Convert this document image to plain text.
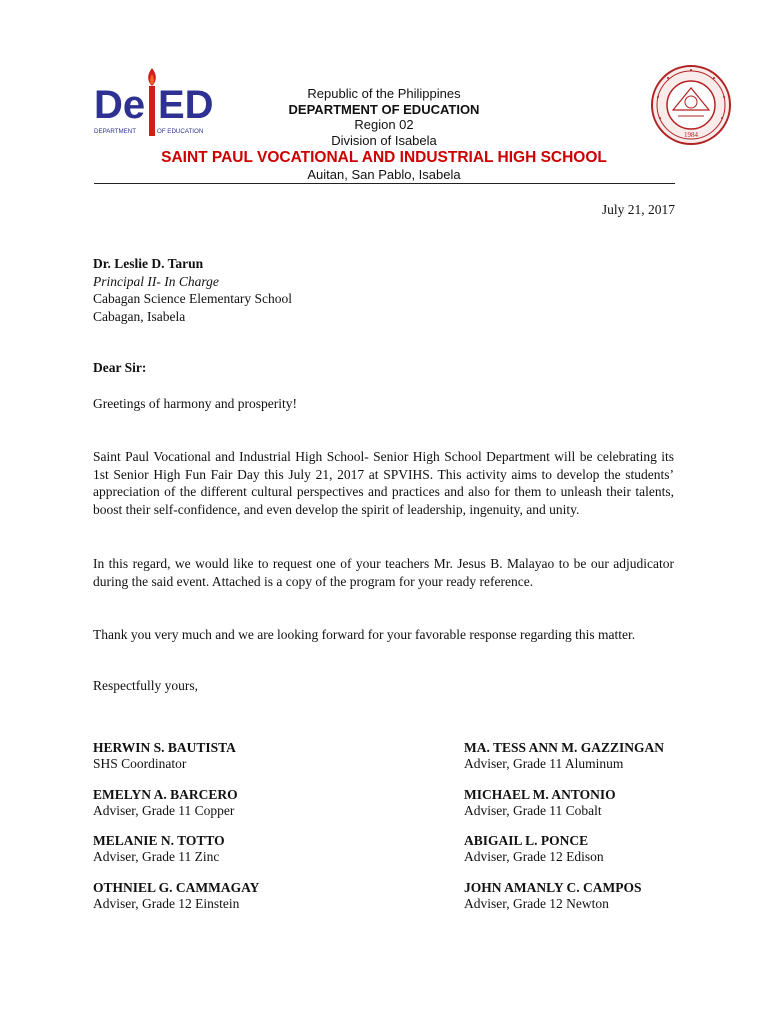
De ED
DEPARTMENT	OF EDUCATION	1984
Republic of the Philippines
DEPARTMENT OF EDUCATION
Region 02
Division of Isabela
SAINT PAUL VOCATIONAL AND INDUSTRIAL HIGH SCHOOL
Auitan, San Pablo, Isabela
July 21, 2017
Dr. Leslie D. Tarun
Principal II- In Charge
Cabagan Science Elementary School
Cabagan, Isabela
Dear Sir:
Greetings of harmony and prosperity!
Saint Paul Vocational and Industrial High School- Senior High School Department will be celebrating its 1st Senior High Fun Fair Day this July 21, 2017 at SPVIHS. This activity aims to develop the students’ appreciation of the different cultural perspectives and practices and also for them to unleash their talents, boost their self-confidence, and even develop the spirit of leadership, ingenuity, and unity.
In this regard, we would like to request one of your teachers Mr. Jesus B. Malayao to be our adjudicator during the said event. Attached is a copy of the program for your ready reference.
Thank you very much and we are looking forward for your favorable response regarding this matter.
Respectfully yours,
HERWIN S. BAUTISTA
SHS Coordinator
MA. TESS ANN M. GAZZINGAN
Adviser, Grade 11 Aluminum
EMELYN A. BARCERO
Adviser, Grade 11 Copper
MICHAEL M. ANTONIO
Adviser, Grade 11 Cobalt
MELANIE N. TOTTO
Adviser, Grade 11 Zinc
ABIGAIL L. PONCE
Adviser, Grade 12 Edison
OTHNIEL G. CAMMAGAY
Adviser, Grade 12 Einstein
JOHN AMANLY C. CAMPOS
Adviser, Grade 12 Newton
